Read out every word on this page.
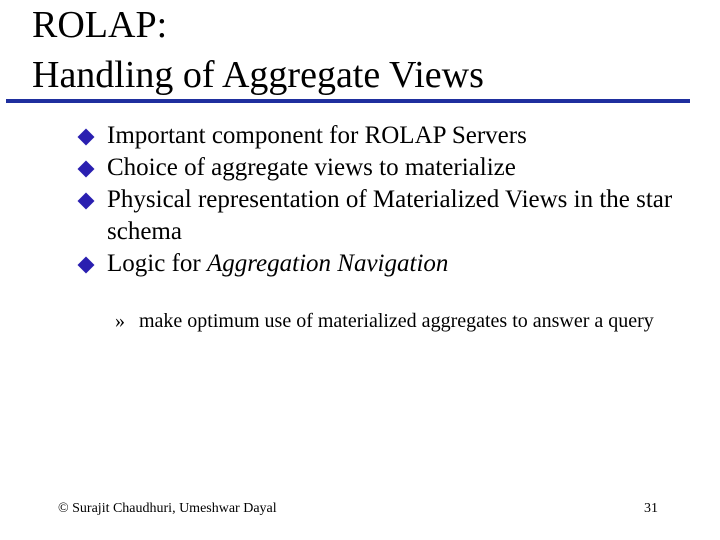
ROLAP:
Handling of Aggregate Views
Important component for ROLAP Servers
Choice of aggregate views to materialize
Physical representation of Materialized Views in the star schema
Logic for Aggregation Navigation
» make optimum use of materialized aggregates to answer a query
© Surajit Chaudhuri, Umeshwar Dayal	31
